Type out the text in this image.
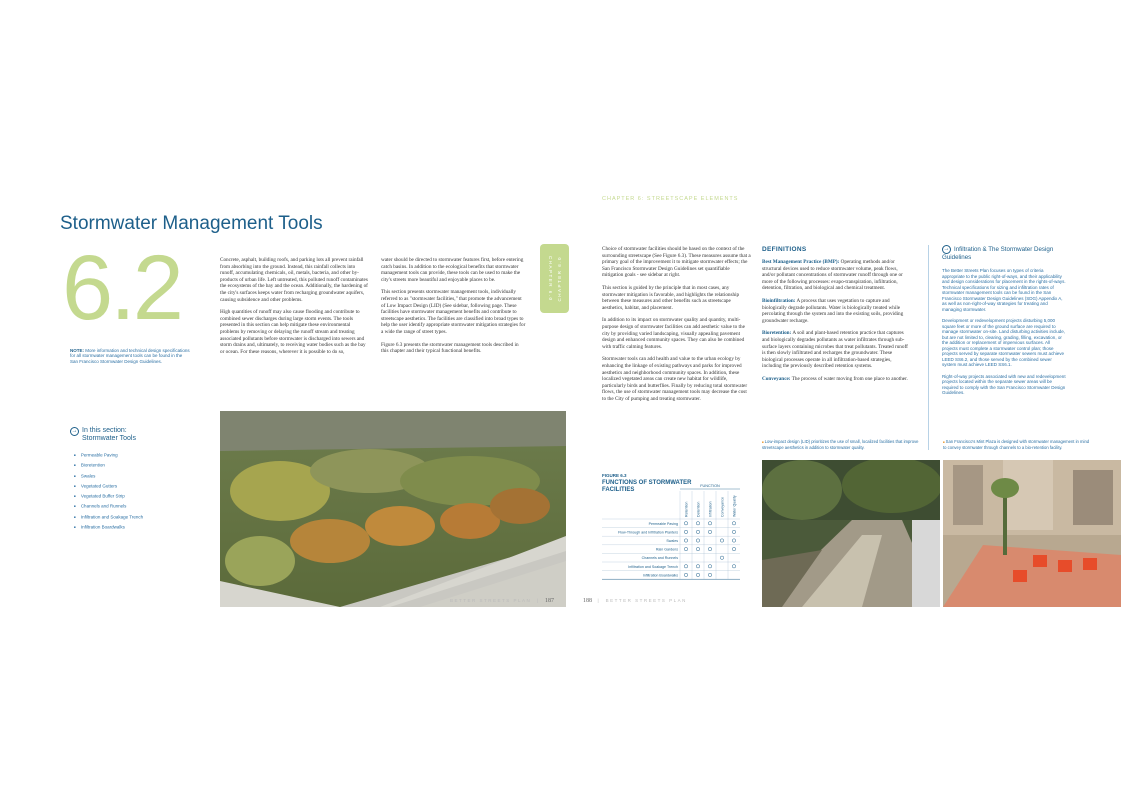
Stormwater Management Tools
6.2
NOTE: More information and technical design specifications for all stormwater management tools can be found in the San Francisco Stormwater Design Guidelines.

Concrete, asphalt, building roofs, and parking lots all prevent rainfall from absorbing into the ground. Instead, this rainfall collects into runoff, accumulating chemicals, oil, metals, bacteria, and other by-products of urban life. Left untreated, this polluted runoff contaminates the ecosystems of the bay and the ocean. Additionally, the hardening of the city's surfaces keeps water from recharging groundwater aquifers, causing subsidence and other problems.

High quantities of runoff may also cause flooding and contribute to combined sewer discharges during large storm events. The tools presented in this section can help mitigate these environmental problems by removing or delaying the runoff stream and treating associated pollutants before stormwater is discharged into sewers and storm drains and, ultimately, to receiving water bodies such as the bay or ocean. For these reasons, wherever it is possible to do so,

water should be directed to stormwater features first, before entering catch basins. In addition to the ecological benefits that stormwater management tools can provide, these tools can be used to make the city's streets more beautiful and enjoyable places to be.

This section presents stormwater management tools, individually referred to as "stormwater facilities," that promote the advancement of Low Impact Design (LID) (See sidebar, following page. These facilities have stormwater management benefits and contribute to streetscape aesthetics. The facilities are classified into broad types to help the user identify appropriate stormwater mitigation strategies for a wide the range of street types.

Figure 6.3 presents the stormwater management tools described in this chapter and their typical functional benefits.

→ In this section: Stormwater Tools
■ Permeable Paving
■ Bioretention
■ Swales
■ Vegetated Gutters
■ Vegetated Buffer Strip
■ Channels and Runnels
■ Infiltration and Soakage Trench
■ Infiltration Boardwalks
BETTER STREETS PLAN  |  187
CHAPTER 6: STREETSCAPE ELEMENTS
CHAPTER 6.0
CHAPTER 6.0

Choice of stormwater facilities should be based on the context of the surrounding streetscape (See Figure 6.3). These measures assume that a primary goal of the improvement it to mitigate stormwater effects; the San Francisco Stormwater Design Guidelines set quantifiable mitigation goals - see sidebar at right.

This section is guided by the principle that in most cases, any stormwater mitigation is favorable, and highlights the relationship between these measures and other benefits such as streetscape aesthetics, habitat, and placement.

In addition to its impact on stormwater quality and quantity, multi-purpose design of stormwater facilities can add aesthetic value to the city by providing varied landscaping, visually appealing pavement design and enhanced community spaces. They can also be combined with traffic calming features.

Stormwater tools can add health and value to the urban ecology by enhancing the linkage of existing pathways and parks for improved aesthetics and neighborhood community spaces. In addition, these localized vegetated areas can create new habitat for wildlife, particularly birds and butterflies. Finally by reducing total stormwater flows, the use of stormwater management tools may decrease the cost to the City of pumping and treating stormwater.

DEFINITIONS

Best Management Practice (BMP): Operating methods and/or structural devices used to reduce stormwater volume, peak flows, and/or pollutant concentrations of stormwater runoff through one or more of the following processes: evapo-transpiration, infiltration, detention, filtration, and biological and chemical treatment.

Bioinfiltration: A process that uses vegetation to capture and biologically degrade pollutants. Water is biologically treated while percolating through the system and into the existing soils, providing groundwater recharge.

Bioretention: A soil and plant-based retention practice that captures and biologically degrades pollutants as water infiltrates through sub-surface layers containing microbes that treat pollutants. Treated runoff is then slowly infiltrated and recharges the groundwater. These biological processes operate in all infiltration-based strategies, including the previously described retention systems.

Conveyance: The process of water moving from one place to another.

→ Infiltration & The Stormwater Design Guidelines

The Better Streets Plan focuses on types of criteria appropriate to the public right-of-ways, and their applicability and design considerations for placement in the rights-of-ways. Technical specifications for sizing and infiltration rates of stormwater management tools can be found in the San Francisco Stormwater Design Guidelines (SDG) Appendix A, as well as non-right-of-way strategies for treating and managing stormwater.

Development or redevelopment projects disturbing 5,000 square feet or more of the ground surface are required to manage stormwater on-site. Land disturbing activities include, but are not limited to, clearing, grading, filling, excavation, or the addition or replacement of impervious surfaces. All projects must complete a stormwater control plan; those projects served by separate stormwater sewers must achieve LEED SS6.2, and those served by the combined sewer system must achieve LEED SS6.1.

Right-of-way projects associated with new and redevelopment projects located within the separate sewer areas will be required to comply with the San Francisco Stormwater Design Guidelines.

■ Low-impact design (LID) prioritizes the use of small, localized facilities that improve streetscape aesthetics in addition to stormwater quality.
■ San Francisco's Mint Plaza is designed with stormwater management in mind to convey stormwater through channels to a bio-retention facility.
FIGURE 6.3
FUNCTIONS OF STORMWATER FACILITIES
FUNCTION
Retention Detention Infiltration Conveyance Water Quality
Permeable Paving
Flow-Through and Infiltration Planters
Swales
Rain Gardens
Channels and Runnels
Infiltration and Soakage Trench
Infiltration Boardwalks
188  |  BETTER STREETS PLAN
